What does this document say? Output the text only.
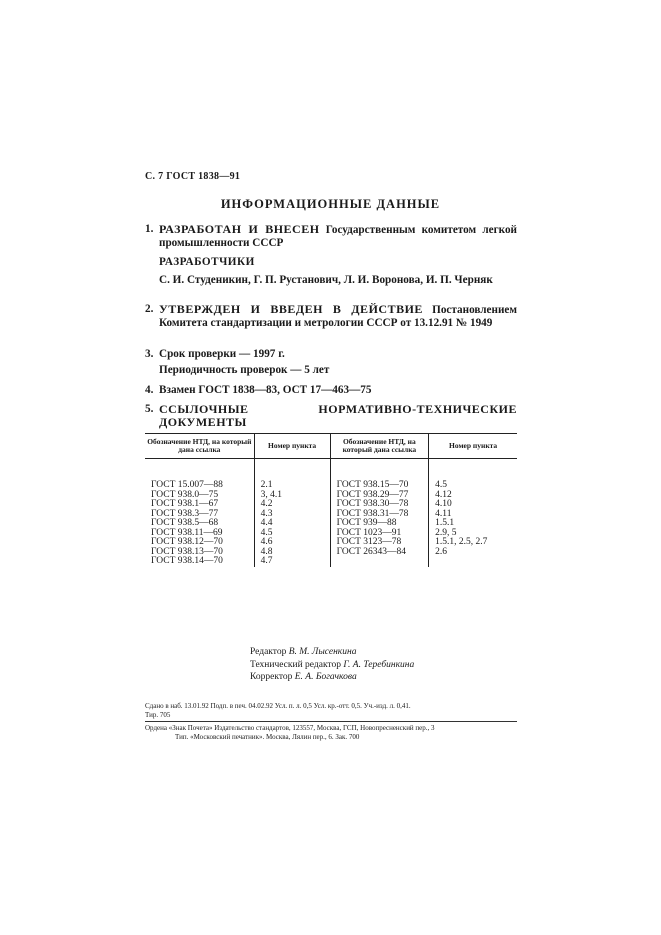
С. 7 ГОСТ 1838—91
ИНФОРМАЦИОННЫЕ ДАННЫЕ
1. РАЗРАБОТАН И ВНЕСЕН Государственным комитетом легкой промышленности СССР
РАЗРАБОТЧИКИ
С. И. Студеникин, Г. П. Рустанович, Л. И. Воронова, И. П. Черняк
2. УТВЕРЖДЕН И ВВЕДЕН В ДЕЙСТВИЕ Постановлением Комитета стандартизации и метрологии СССР от 13.12.91 № 1949
3. Срок проверки — 1997 г.
Периодичность проверок — 5 лет
4. Взамен ГОСТ 1838—83, ОСТ 17—463—75
5. ССЫЛОЧНЫЕ НОРМАТИВНО-ТЕХНИЧЕСКИЕ ДОКУМЕНТЫ
Обозначение НТД, на который дана ссылка	Номер пункта	Обозначение НТД, на который дана ссылка	Номер пункта
ГОСТ 15.007—88	2.1	ГОСТ 938.15—70	4.5
ГОСТ 938.0—75	3, 4.1	ГОСТ 938.29—77	4.12
ГОСТ 938.1—67	4.2	ГОСТ 938.30—78	4.10
ГОСТ 938.3—77	4.3	ГОСТ 938.31—78	4.11
ГОСТ 938.5—68	4.4	ГОСТ 939—88	1.5.1
ГОСТ 938.11—69	4.5	ГОСТ 1023—91	2.9, 5
ГОСТ 938.12—70	4.6	ГОСТ 3123—78	1.5.1, 2.5, 2.7
ГОСТ 938.13—70	4.8	ГОСТ 26343—84	2.6
ГОСТ 938.14—70	4.7		
Редактор В. М. Лысенкина
Технический редактор Г. А. Теребинкина
Корректор Е. А. Богачкова
Сдано в наб. 13.01.92 Подп. в печ. 04.02.92 Усл. п. л. 0,5 Усл. кр.-отт. 0,5. Уч.-изд. л. 0,41.
Тир. 705
Ордена «Знак Почета» Издательство стандартов, 123557, Москва, ГСП, Новопресненский пер., 3
Тип. «Московский печатник». Москва, Лялин пер., 6. Зак. 700
